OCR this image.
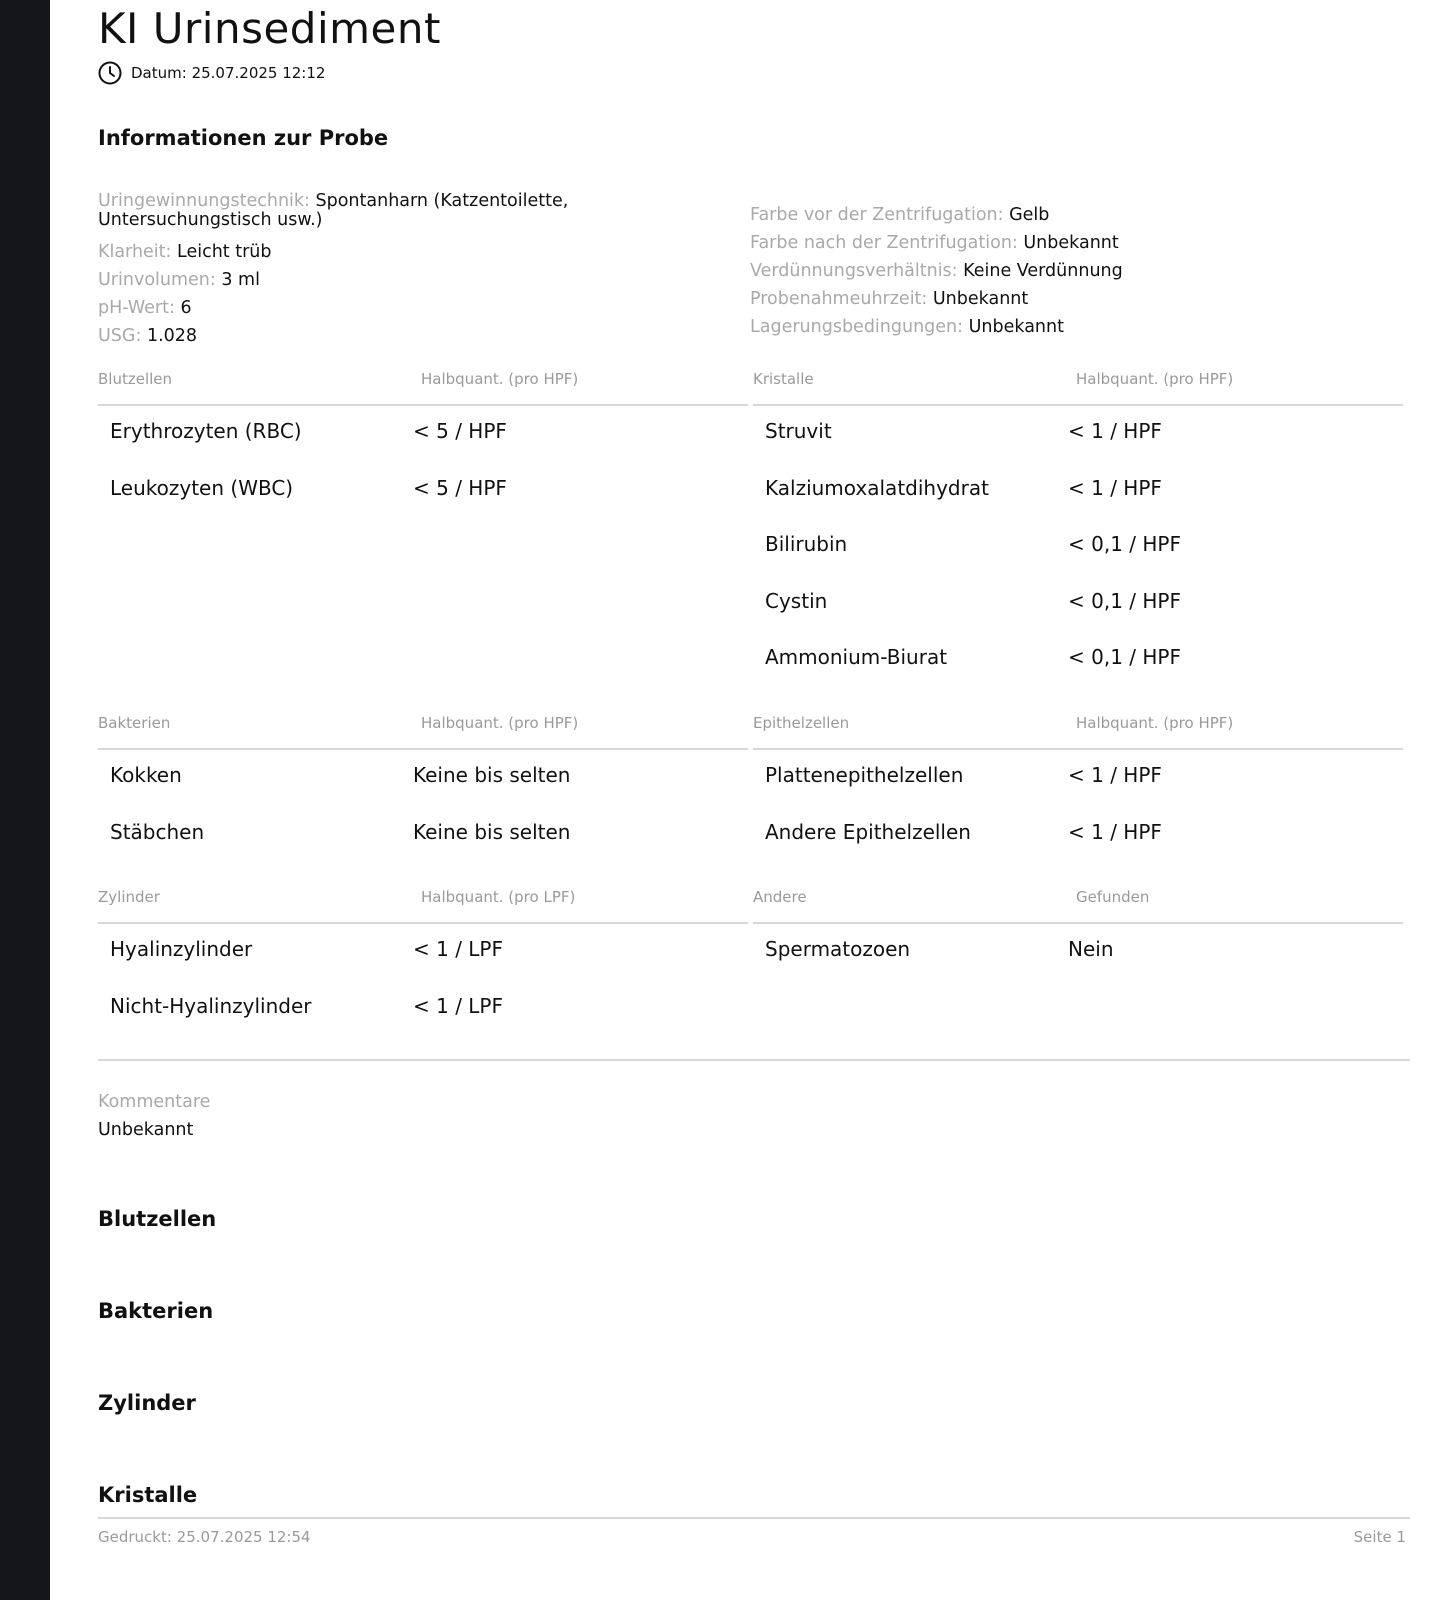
KI Urinsediment
Datum: 25.07.2025 12:12
Informationen zur Probe
Uringewinnungstechnik: Spontanharn (Katzentoilette, Untersuchungstisch usw.)
Klarheit: Leicht trüb
Urinvolumen: 3 ml
pH-Wert: 6
USG: 1.028
Farbe vor der Zentrifugation: Gelb
Farbe nach der Zentrifugation: Unbekannt
Verdünnungsverhältnis: Keine Verdünnung
Probenahmeuhrzeit: Unbekannt
Lagerungsbedingungen: Unbekannt
Blutzellen	Halbquant. (pro HPF)
Erythrozyten (RBC)	< 5 / HPF
Leukozyten (WBC)	< 5 / HPF
Kristalle	Halbquant. (pro HPF)
Struvit	< 1 / HPF
Kalziumoxalatdihydrat	< 1 / HPF
Bilirubin	< 0,1 / HPF
Cystin	< 0,1 / HPF
Ammonium-Biurat	< 0,1 / HPF
Bakterien	Halbquant. (pro HPF)
Kokken	Keine bis selten
Stäbchen	Keine bis selten
Epithelzellen	Halbquant. (pro HPF)
Plattenepithelzellen	< 1 / HPF
Andere Epithelzellen	< 1 / HPF
Zylinder	Halbquant. (pro LPF)
Hyalinzylinder	< 1 / LPF
Nicht-Hyalinzylinder	< 1 / LPF
Andere	Gefunden
Spermatozoen	Nein
Kommentare
Unbekannt
Blutzellen
Bakterien
Zylinder
Kristalle
Gedruckt: 25.07.2025 12:54	Seite 1
